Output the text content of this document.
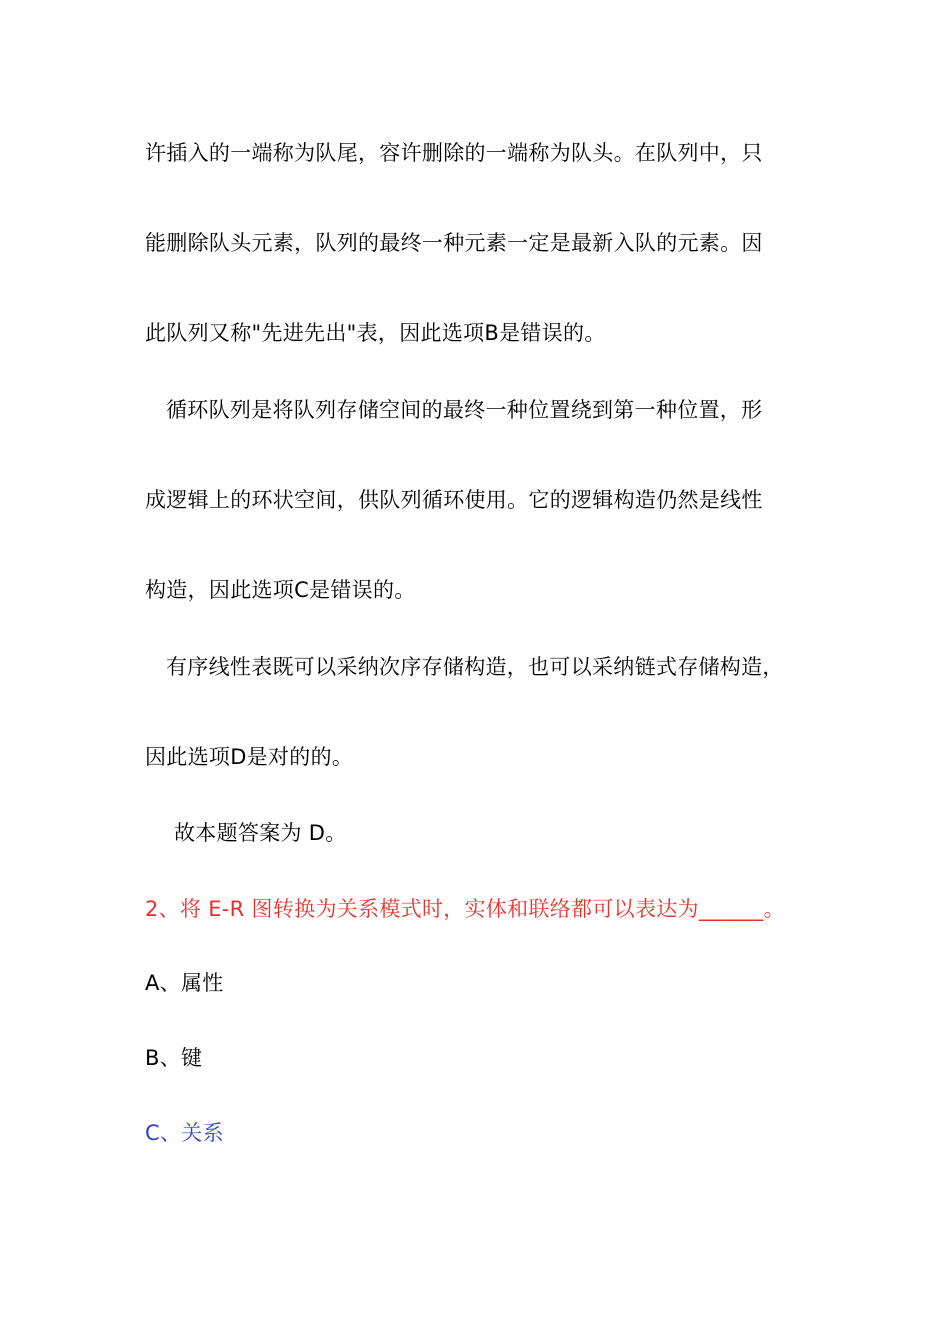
许插入的一端称为队尾，容许删除的一端称为队头。在队列中，只
能删除队头元素，队列的最终一种元素一定是最新入队的元素。因
此队列又称"先进先出"表，因此选项B是错误的。
循环队列是将队列存储空间的最终一种位置绕到第一种位置，形
成逻辑上的环状空间，供队列循环使用。它的逻辑构造仍然是线性
构造，因此选项C是错误的。
有序线性表既可以采纳次序存储构造，也可以采纳链式存储构造，
因此选项D是对的的。
故本题答案为 D。
2、将 E-R 图转换为关系模式时，实体和联络都可以表达为______。
A、属性
B、键
C、关系
